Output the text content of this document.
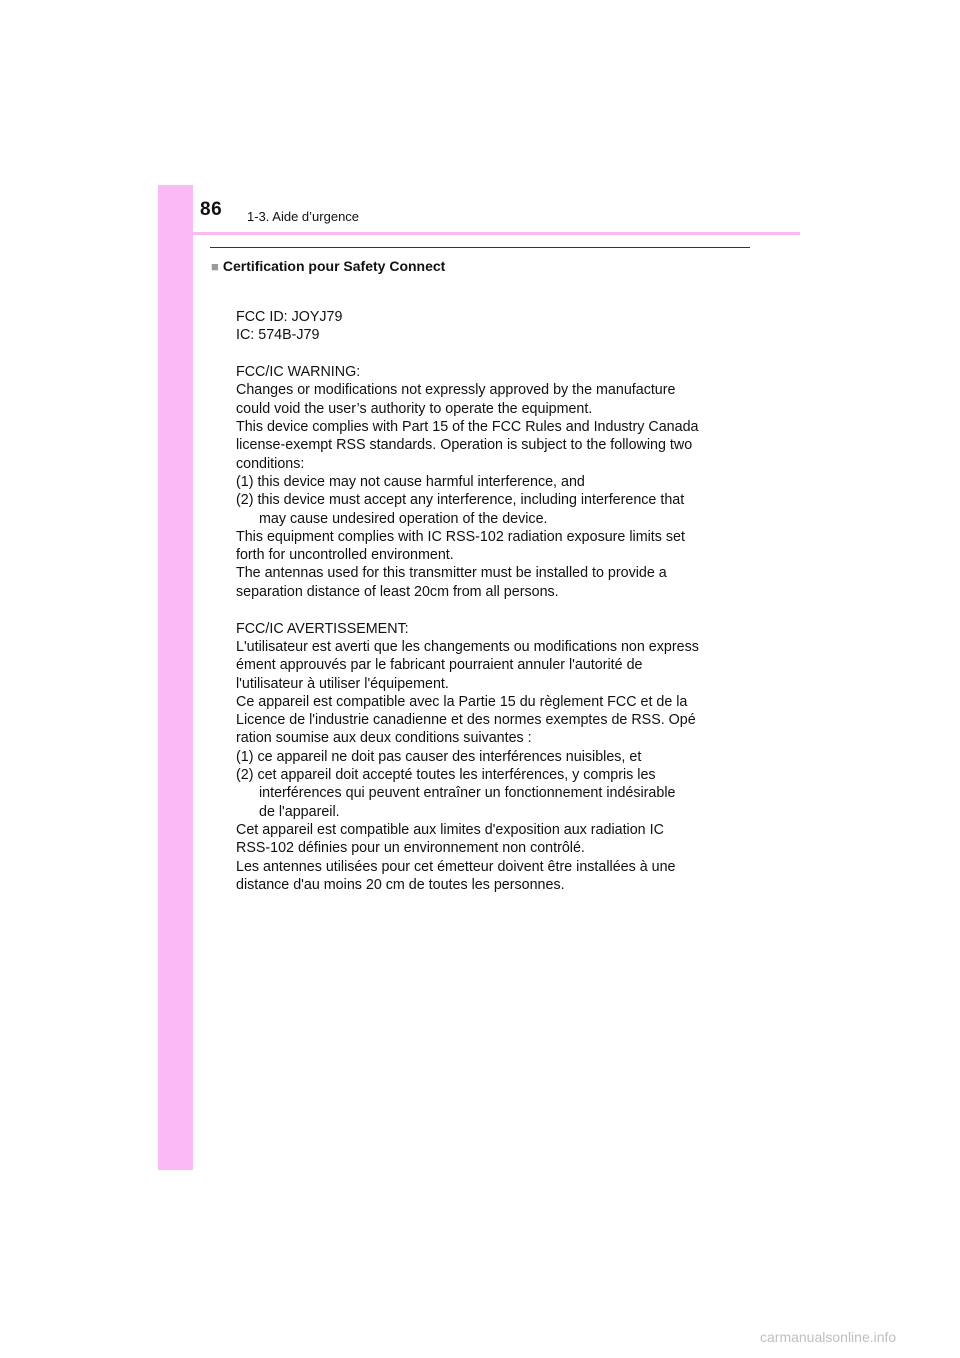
86 1-3. Aide d’urgence
■ Certification pour Safety Connect
FCC ID: JOYJ79
IC: 574B-J79
FCC/IC WARNING:
Changes or modifications not expressly approved by the manufacture
could void the user’s authority to operate the equipment.
This device complies with Part 15 of the FCC Rules and Industry Canada
license-exempt RSS standards. Operation is subject to the following two
conditions:
(1) this device may not cause harmful interference, and
(2) this device must accept any interference, including interference that
may cause undesired operation of the device.
This equipment complies with IC RSS-102 radiation exposure limits set
forth for uncontrolled environment.
The antennas used for this transmitter must be installed to provide a
separation distance of least 20cm from all persons.
FCC/IC AVERTISSEMENT:
L'utilisateur est averti que les changements ou modifications non express
ément approuvés par le fabricant pourraient annuler l'autorité de
l'utilisateur à utiliser l'équipement.
Ce appareil est compatible avec la Partie 15 du règlement FCC et de la
Licence de l'industrie canadienne et des normes exemptes de RSS. Opé
ration soumise aux deux conditions suivantes :
(1) ce appareil ne doit pas causer des interférences nuisibles, et
(2) cet appareil doit accepté toutes les interférences, y compris les
interférences qui peuvent entraîner un fonctionnement indésirable
de l'appareil.
Cet appareil est compatible aux limites d'exposition aux radiation IC
RSS-102 définies pour un environnement non contrôlé.
Les antennes utilisées pour cet émetteur doivent être installées à une
distance d'au moins 20 cm de toutes les personnes.
carmanualsonline.info
